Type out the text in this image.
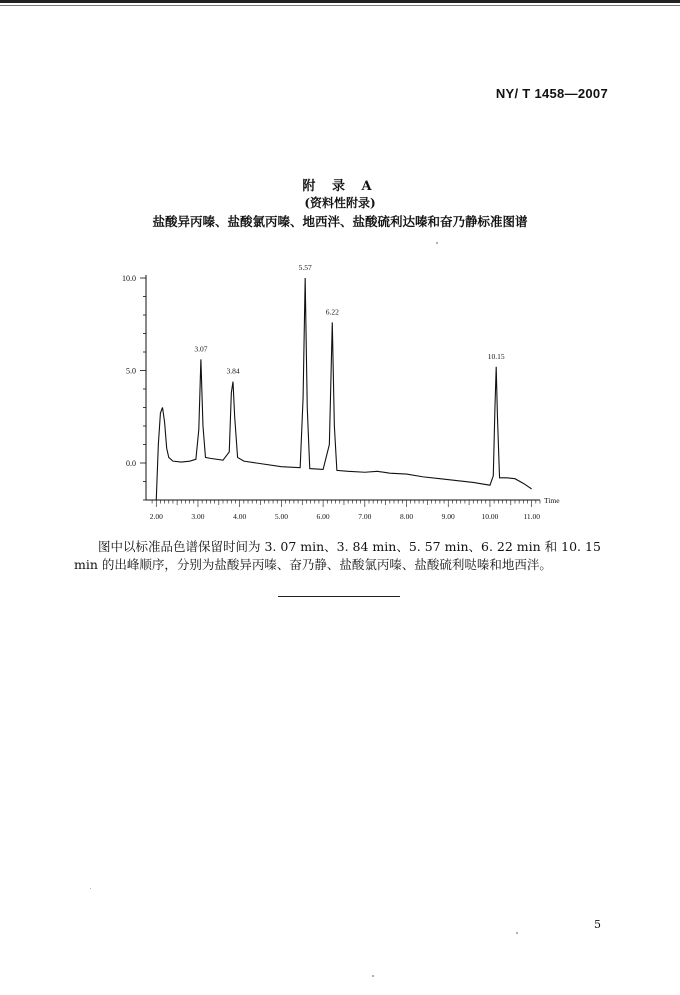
NY/ T 1458—2007
附 录 A
(资料性附录)
盐酸异丙嗪、盐酸氯丙嗪、地西泮、盐酸硫利达嗪和奋乃静标准图谱
0.0
5.0
10.0
2.00	3.00	4.00	5.00	6.00	7.00	8.00	9.00	10.00	11.00
Time
3.07
3.84
5.57
6.22
10.15
图中以标准品色谱保留时间为 3. 07 min、3. 84 min、5. 57 min、6. 22 min 和 10. 15 min 的出峰顺序，分别为盐酸异丙嗪、奋乃静、盐酸氯丙嗪、盐酸硫利哒嗪和地西泮。
5
